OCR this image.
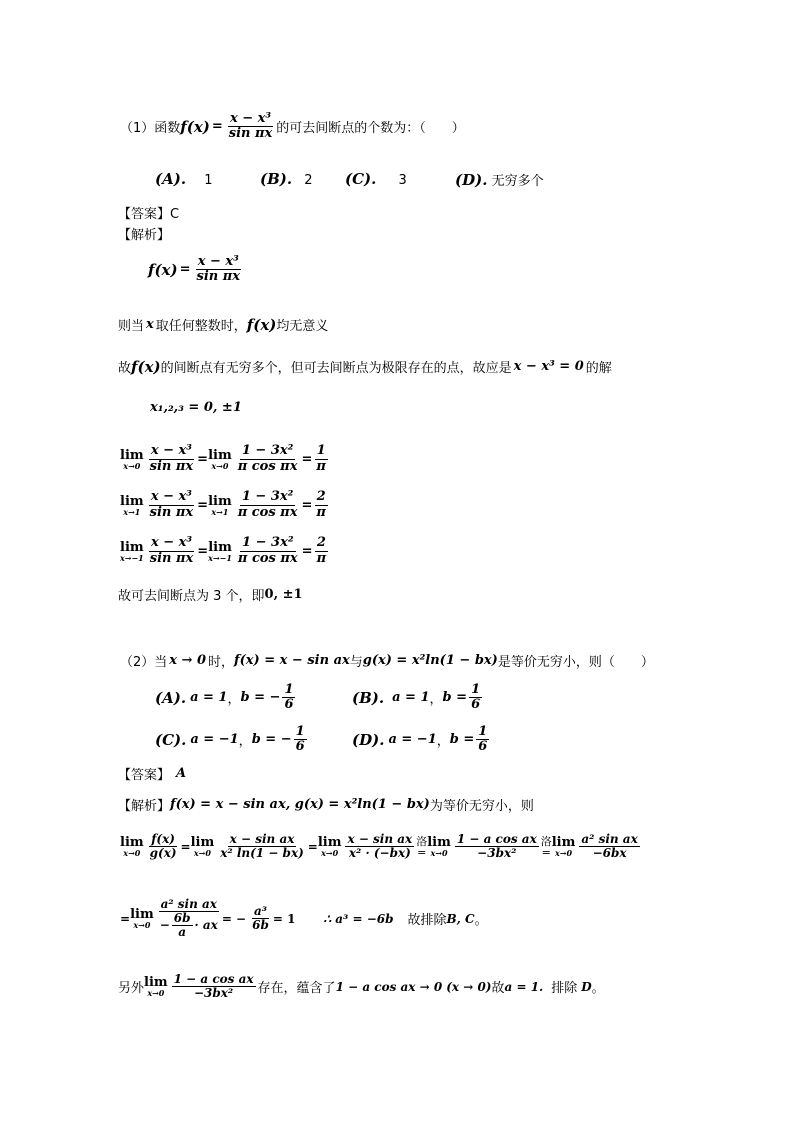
（1）函数 $f(x) = \frac{\text{x − x³}}{\text{sin πx}}$ 的可去间断点的个数为：（　　）
(A). 1	(B). 2 (C). 3	(D). 无穷多个
【答案】C
【解析】
$f(x) = \frac{\text{x − x³}}{\text{sin πx}}$
则当 x 取任何整数时， f(x) 均无意义
故 f(x) 的间断点有无穷多个，但可去间断点为极限存在的点，故应是 x − x³ = 0 的解
x₁,₂,₃ = 0, ±1
lim
$x\to 0 \frac{\text{x − x³}}{\text{sin πx}} = \lim$
$x\to 0 \frac{\text{1 − 3x²}}{\text{π cos πx}} = \frac{1}{\pi}$
lim
$x\to 1 \frac{\text{x − x³}}{\text{sin πx}} = \lim$
$x\to 1 \frac{\text{1 − 3x²}}{\text{π cos πx}} = \frac{2}{\pi}$
lim
$x\to-1 \frac{\text{x − x³}}{\text{sin πx}} = \lim$
$x\to-1 \frac{\text{1 − 3x²}}{\text{π cos πx}} = \frac{2}{\pi}$
故可去间断点为 3 个，即 0, ±1
（2）当 x → 0 时， f(x) = x − sin ax 与 g(x) = x²ln(1 − bx) 是等价无穷小，则（　　）
(A). a = 1 ， b = − $\frac{1}{6}$	(B). a = 1 ， $b = \frac{1}{6}$
(C). a = −1 ， b = − $\frac{1}{6}$	(D). a = −1 ， $b = \frac{1}{6}$
【答案】 A
【解析】 f(x) = x − sin ax, g(x) = x²ln(1 − bx) 为等价无穷小，则
lim
$x\to 0 \frac{f(x)}{g(x)} = \lim$
$x\to 0 \frac{\text{x − sin ax}}{\text{x² ln(1 − bx)}} = \lim$
$x\to 0 \frac{\text{x − sin ax}}{\text{x² · (−bx)}}$ 洛
=
lim
$x\to 0 \frac{\text{1 − a cos ax}}{\text{−3bx²}}$ 洛
=
lim
$x\to 0 \frac{\text{a² sin ax}}{-6bx}$
= lim
$x\to 0 \frac{\text{a² sin ax}}{- \frac{6b}{a} \cdot ax}$ = − $\frac{\text{a³}}{6b} = 1$ ∴ a³ = −6b 故排除 B, C 。
另外 lim
$x\to 0 \frac{\text{1 − a cos ax}}{\text{−3bx²}}$ 存在，蕴含了 1 − a cos ax → 0 (x → 0) 故 a = 1. 排除 D 。
